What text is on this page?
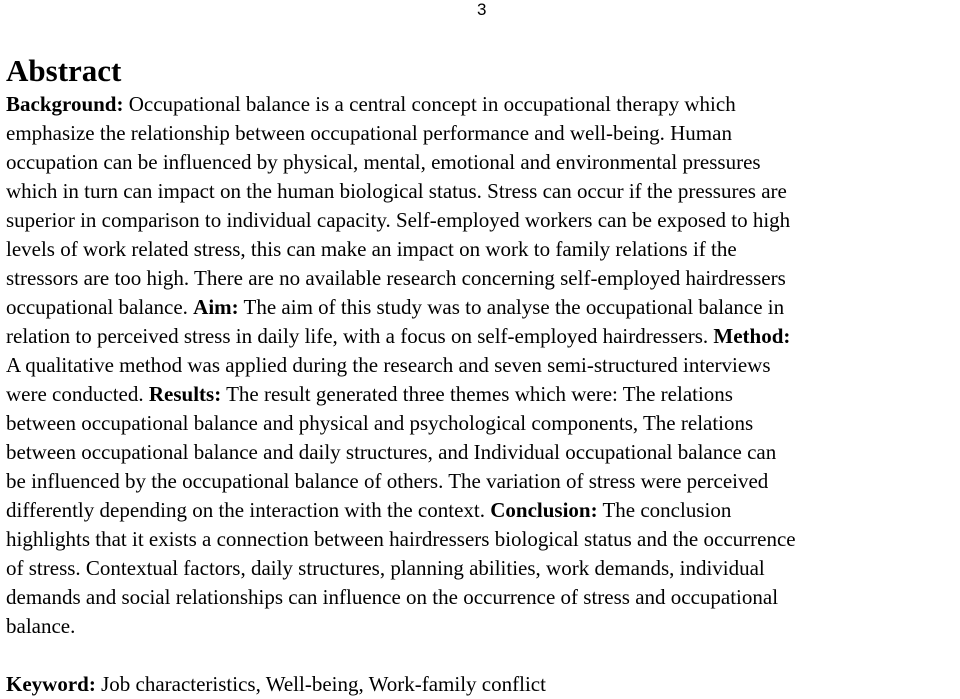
3
Abstract
Background: Occupational balance is a central concept in occupational therapy which
emphasize the relationship between occupational performance and well-being. Human
occupation can be influenced by physical, mental, emotional and environmental pressures
which in turn can impact on the human biological status. Stress can occur if the pressures are
superior in comparison to individual capacity. Self-employed workers can be exposed to high
levels of work related stress, this can make an impact on work to family relations if the
stressors are too high. There are no available research concerning self-employed hairdressers
occupational balance. Aim: The aim of this study was to analyse the occupational balance in
relation to perceived stress in daily life, with a focus on self-employed hairdressers. Method:
A qualitative method was applied during the research and seven semi-structured interviews
were conducted. Results: The result generated three themes which were: The relations
between occupational balance and physical and psychological components, The relations
between occupational balance and daily structures, and Individual occupational balance can
be influenced by the occupational balance of others. The variation of stress were perceived
differently depending on the interaction with the context. Conclusion: The conclusion
highlights that it exists a connection between hairdressers biological status and the occurrence
of stress. Contextual factors, daily structures, planning abilities, work demands, individual
demands and social relationships can influence on the occurrence of stress and occupational
balance.

Keyword: Job characteristics, Well-being, Work-family conflict
